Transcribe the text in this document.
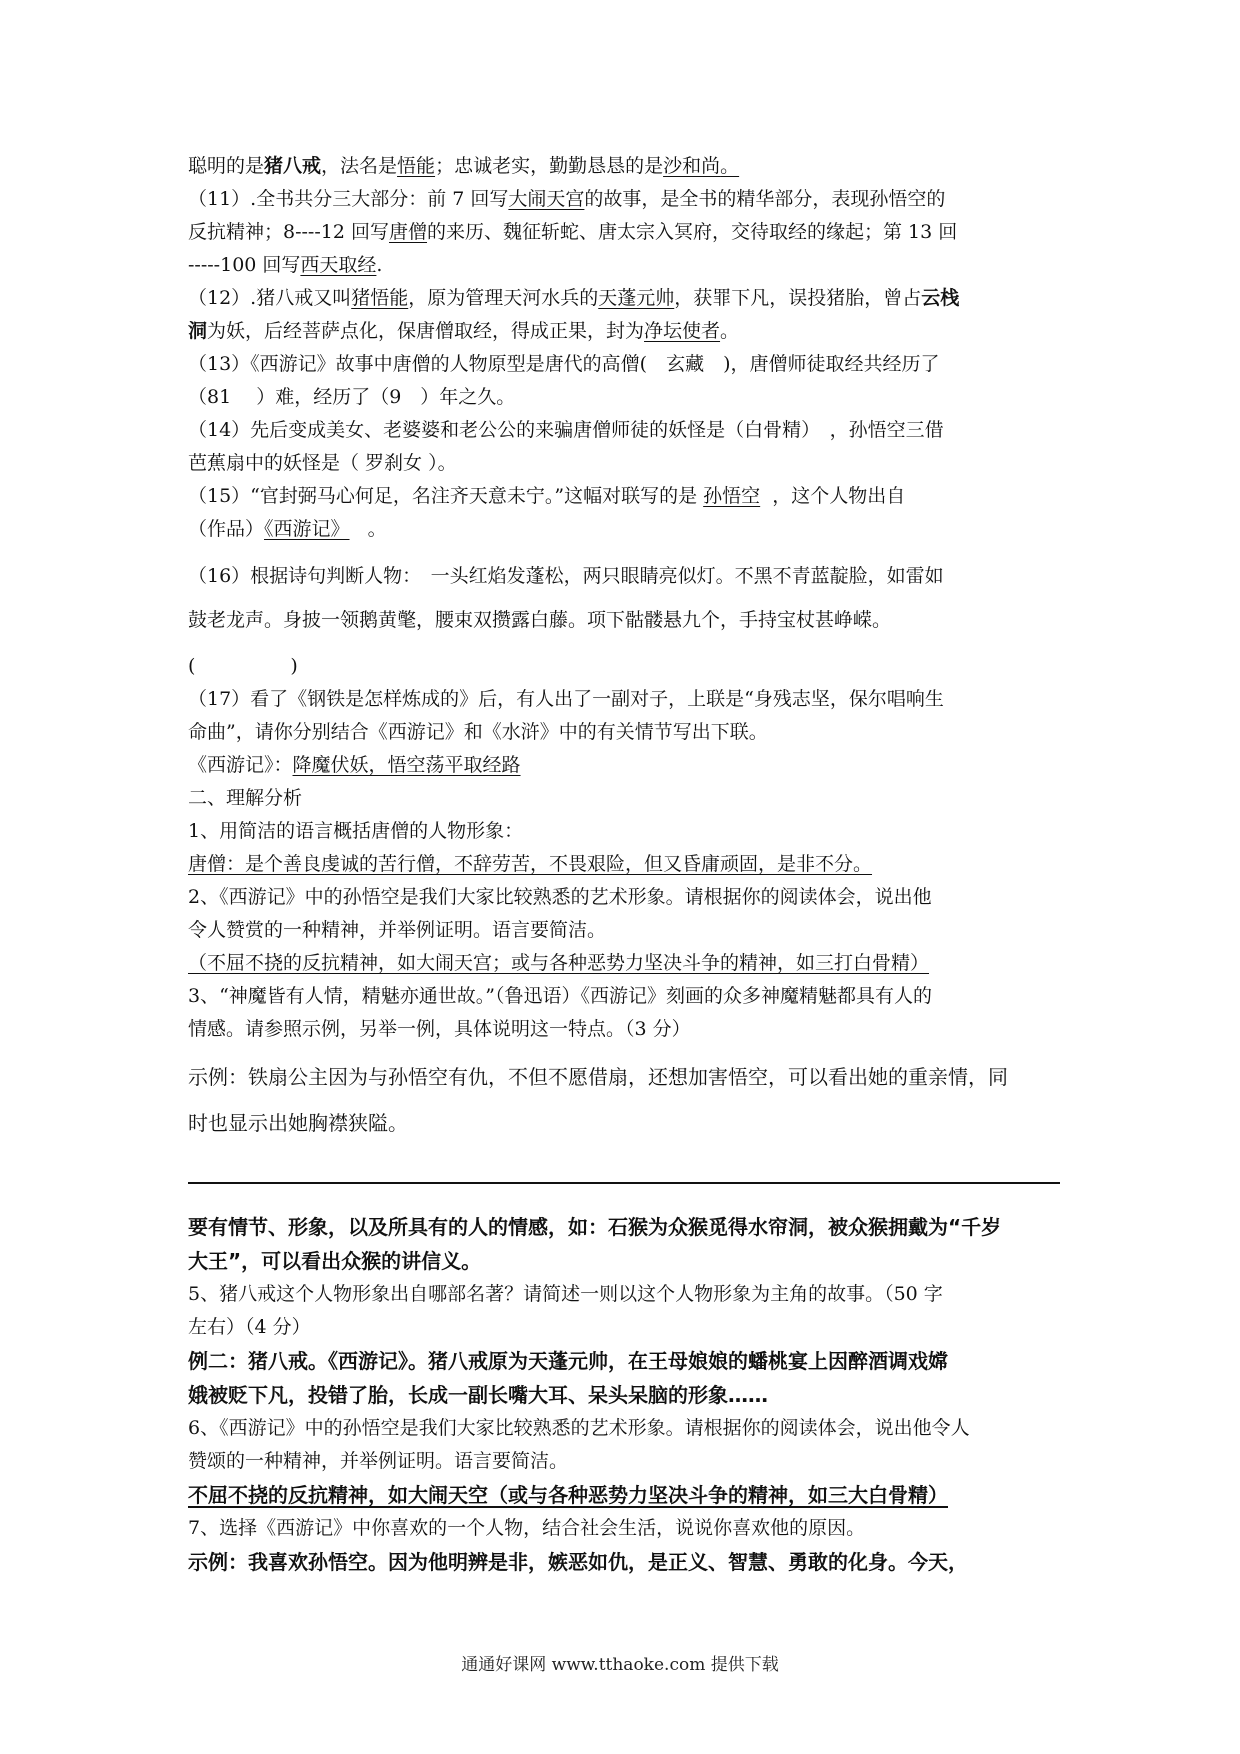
聪明的是猪八戒，法名是悟能；忠诚老实，勤勤恳恳的是沙和尚。
（11）.全书共分三大部分：前 7 回写大闹天宫的故事，是全书的精华部分，表现孙悟空的
反抗精神；8----12 回写唐僧的来历、魏征斩蛇、唐太宗入冥府，交待取经的缘起；第 13 回
-----100 回写西天取经.
（12）.猪八戒又叫猪悟能，原为管理天河水兵的天蓬元帅，获罪下凡，误投猪胎，曾占云栈
洞为妖，后经菩萨点化，保唐僧取经，得成正果，封为净坛使者。
（13）《西游记》故事中唐僧的人物原型是唐代的高僧(　玄藏　)，唐僧师徒取经共经历了
（81　 ）难，经历了（9　）年之久。
（14）先后变成美女、老婆婆和老公公的来骗唐僧师徒的妖怪是（白骨精）　，孙悟空三借
芭蕉扇中的妖怪是（ 罗刹女 ）。
（15）“官封弼马心何足，名注齐天意未宁。”这幅对联写的是 孙悟空 ，这个人物出自
（作品）《西游记》 。
（16）根据诗句判断人物：　一头红焰发蓬松，两只眼睛亮似灯。不黑不青蓝靛脸，如雷如
鼓老龙声。身披一领鹅黄氅，腰束双攒露白藤。项下骷髅悬九个，手持宝杖甚峥嵘。
(　　　　　)
（17）看了《钢铁是怎样炼成的》后，有人出了一副对子，上联是“身残志坚，保尔唱响生
命曲”，请你分别结合《西游记》和《水浒》中的有关情节写出下联。
《西游记》：降魔伏妖，悟空荡平取经路
二、理解分析
1、用简洁的语言概括唐僧的人物形象：
唐僧：是个善良虔诚的苦行僧，不辞劳苦，不畏艰险，但又昏庸顽固，是非不分。
2、《西游记》中的孙悟空是我们大家比较熟悉的艺术形象。请根据你的阅读体会，说出他
令人赞赏的一种精神，并举例证明。语言要简洁。
（不屈不挠的反抗精神，如大闹天宫；或与各种恶势力坚决斗争的精神，如三打白骨精）
3、“神魔皆有人情，精魅亦通世故。”（鲁迅语）《西游记》刻画的众多神魔精魅都具有人的
情感。请参照示例，另举一例，具体说明这一特点。（3 分）
示例：铁扇公主因为与孙悟空有仇，不但不愿借扇，还想加害悟空，可以看出她的重亲情，同
时也显示出她胸襟狭隘。
要有情节、形象，以及所具有的人的情感，如：石猴为众猴觅得水帘洞，被众猴拥戴为“千岁
大王”，可以看出众猴的讲信义。
5、猪八戒这个人物形象出自哪部名著？请简述一则以这个人物形象为主角的故事。（50 字
左右）（4 分）
例二：猪八戒。《西游记》。猪八戒原为天蓬元帅，在王母娘娘的蟠桃宴上因醉酒调戏嫦
娥被贬下凡，投错了胎，长成一副长嘴大耳、呆头呆脑的形象……
6、《西游记》中的孙悟空是我们大家比较熟悉的艺术形象。请根据你的阅读体会，说出他令人
赞颂的一种精神，并举例证明。语言要简洁。
不屈不挠的反抗精神，如大闹天空（或与各种恶势力坚决斗争的精神，如三大白骨精）
7、选择《西游记》中你喜欢的一个人物，结合社会生活，说说你喜欢他的原因。
示例：我喜欢孙悟空。因为他明辨是非，嫉恶如仇，是正义、智慧、勇敢的化身。今天，
通通好课网 www.tthaoke.com 提供下载
